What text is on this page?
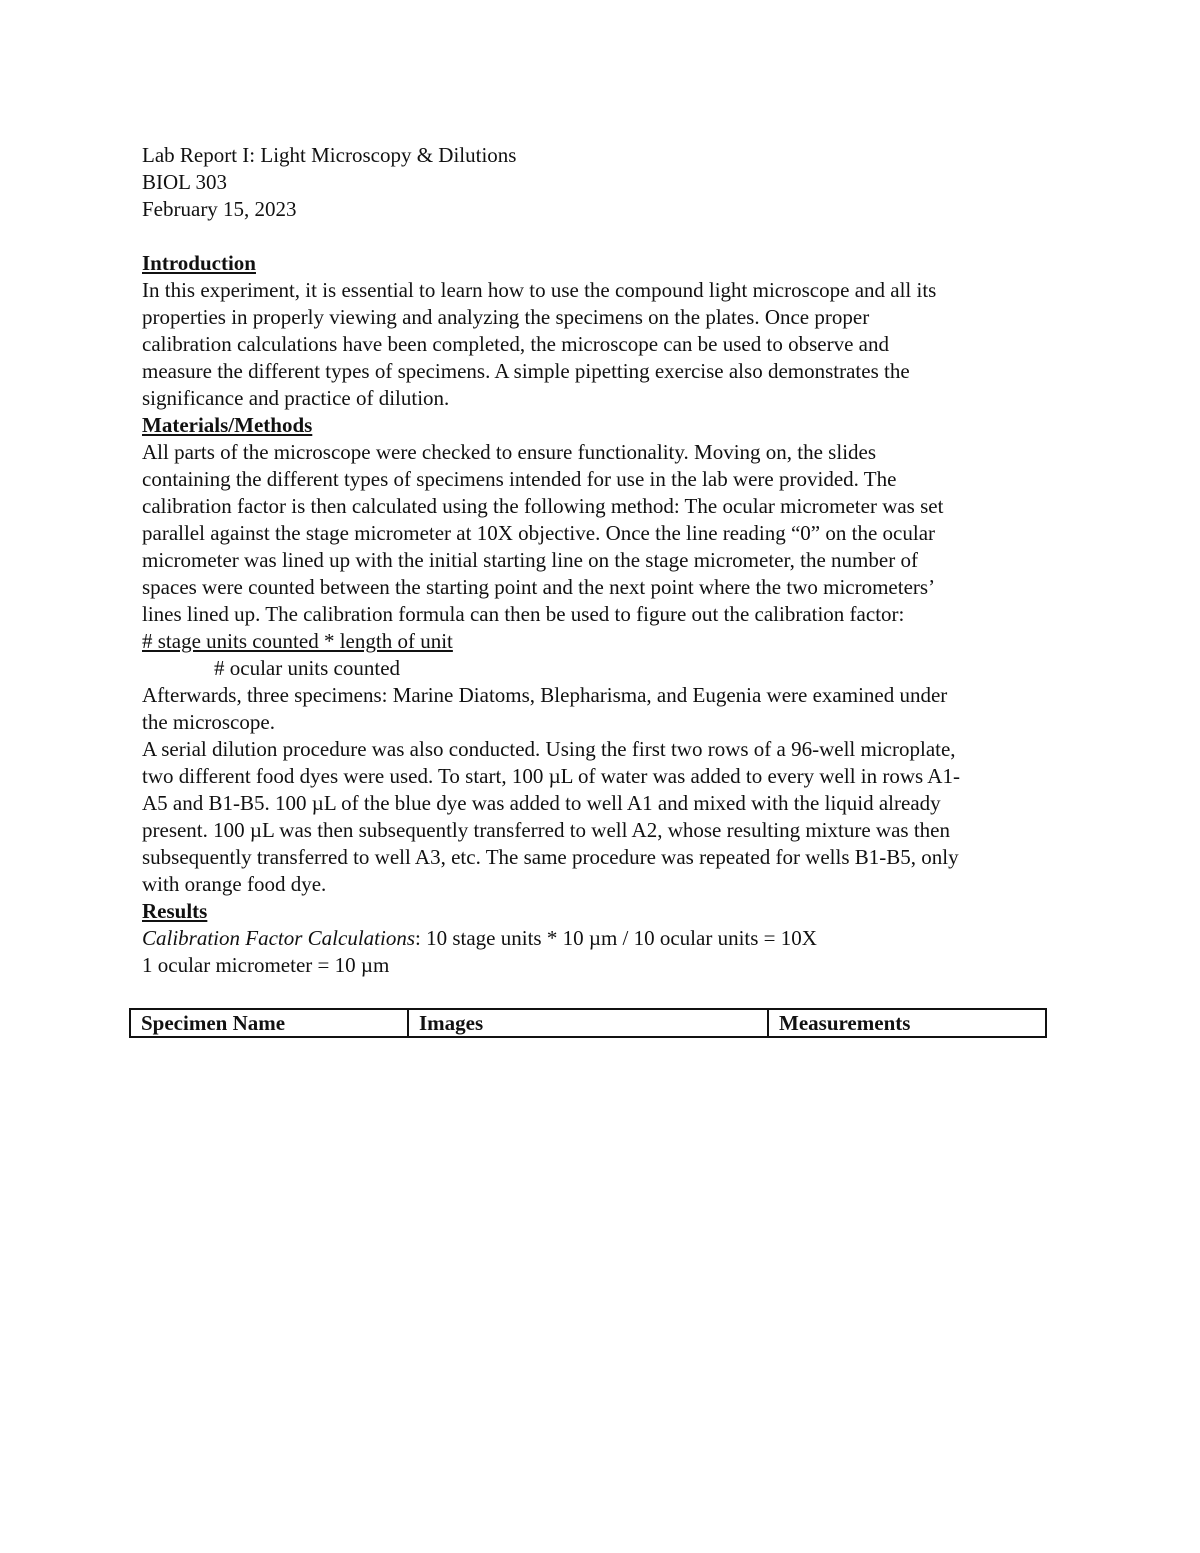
Lab Report I: Light Microscopy & Dilutions
BIOL 303
February 15, 2023
Introduction
In this experiment, it is essential to learn how to use the compound light microscope and all its
properties in properly viewing and analyzing the specimens on the plates. Once proper
calibration calculations have been completed, the microscope can be used to observe and
measure the different types of specimens. A simple pipetting exercise also demonstrates the
significance and practice of dilution.
Materials/Methods
All parts of the microscope were checked to ensure functionality. Moving on, the slides
containing the different types of specimens intended for use in the lab were provided. The
calibration factor is then calculated using the following method: The ocular micrometer was set
parallel against the stage micrometer at 10X objective. Once the line reading “0” on the ocular
micrometer was lined up with the initial starting line on the stage micrometer, the number of
spaces were counted between the starting point and the next point where the two micrometers’
lines lined up. The calibration formula can then be used to figure out the calibration factor:
# stage units counted * length of unit
# ocular units counted
Afterwards, three specimens: Marine Diatoms, Blepharisma, and Eugenia were examined under
the microscope.
A serial dilution procedure was also conducted. Using the first two rows of a 96-well microplate,
two different food dyes were used. To start, 100 µL of water was added to every well in rows A1-
A5 and B1-B5. 100 µL of the blue dye was added to well A1 and mixed with the liquid already
present. 100 µL was then subsequently transferred to well A2, whose resulting mixture was then
subsequently transferred to well A3, etc. The same procedure was repeated for wells B1-B5, only
with orange food dye.
Results
Calibration Factor Calculations: 10 stage units * 10 µm / 10 ocular units = 10X
1 ocular micrometer = 10 µm
Specimen Name	Images	Measurements
